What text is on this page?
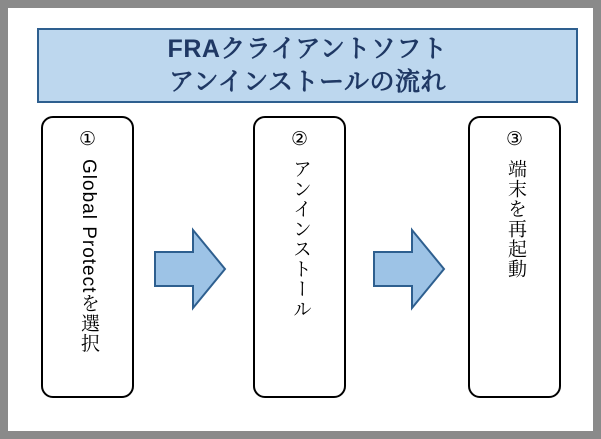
FRAクライアントソフト
アンインストールの流れ
①
Global Protectを選択
②
アンインストール
③
端末を再起動
